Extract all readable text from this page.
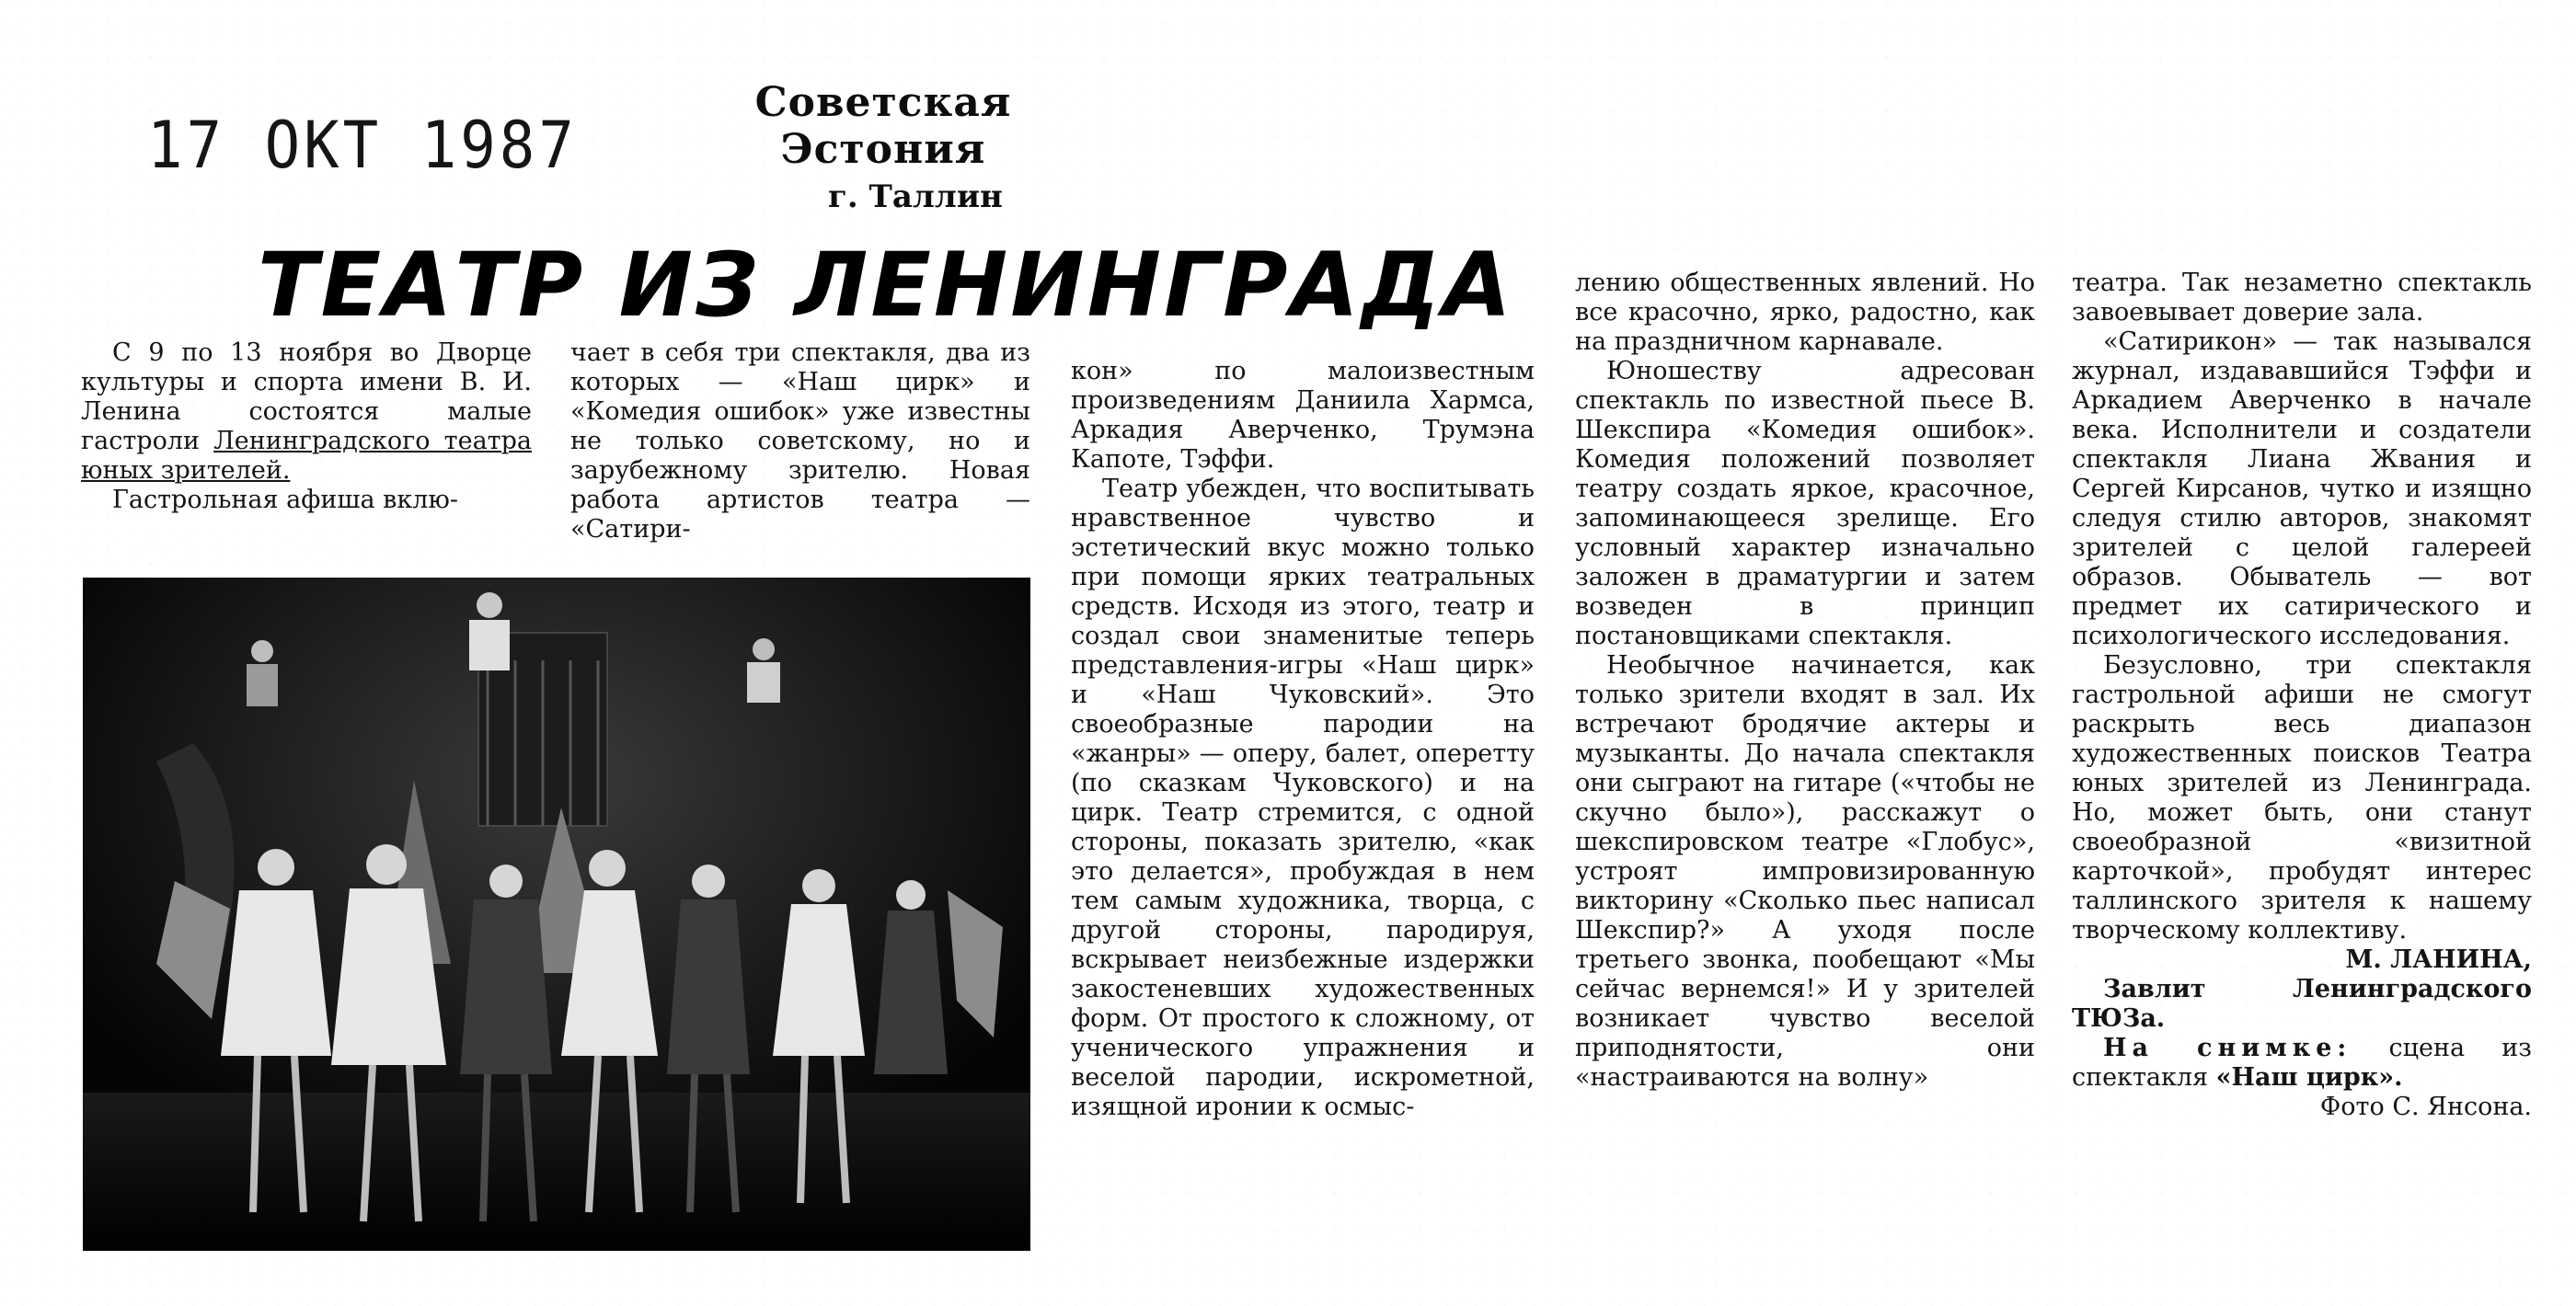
17 ОКТ 1987
Советская Эстония
г. Таллин
ТЕАТР ИЗ ЛЕНИНГРАДА

С 9 по 13 ноября во Дворце культуры и спорта имени В. И. Ленина состоятся малые гастроли Ленинградского театра юных зрителей.

Гастрольная афиша вклю-

чает в себя три спектакля, два из которых — «Наш цирк» и «Комедия ошибок» уже известны не только советскому, но и зарубежному зрителю. Новая работа артистов театра — «Сатири-

кон» по малоизвестным произведениям Даниила Хармса, Аркадия Аверченко, Трумэна Капоте, Тэффи.

Театр убежден, что воспитывать нравственное чувство и эстетический вкус можно только при помощи ярких театральных средств. Исходя из этого, театр и создал свои знаменитые теперь представления-игры «Наш цирк» и «Наш Чуковский». Это своеобразные пародии на «жанры» — оперу, балет, оперетту (по сказкам Чуковского) и на цирк. Театр стремится, с одной стороны, показать зрителю, «как это делается», пробуждая в нем тем самым художника, творца, с другой стороны, пародируя, вскрывает неизбежные издержки закостеневших художественных форм. От простого к сложному, от ученического упражнения и веселой пародии, искрометной, изящной иронии к осмыс-

лению общественных явлений. Но все красочно, ярко, радостно, как на праздничном карнавале.

Юношеству адресован спектакль по известной пьесе В. Шекспира «Комедия ошибок». Комедия положений позволяет театру создать яркое, красочное, запоминающееся зрелище. Его условный характер изначально заложен в драматургии и затем возведен в принцип постановщиками спектакля.

Необычное начинается, как только зрители входят в зал. Их встречают бродячие актеры и музыканты. До начала спектакля они сыграют на гитаре («чтобы не скучно было»), расскажут о шекспировском театре «Глобус», устроят импровизированную викторину «Сколько пьес написал Шекспир?» А уходя после третьего звонка, пообещают «Мы сейчас вернемся!» И у зрителей возникает чувство веселой приподнятости, они «настраиваются на волну»

театра. Так незаметно спектакль завоевывает доверие зала.

«Сатирикон» — так назывался журнал, издававшийся Тэффи и Аркадием Аверченко в начале века. Исполнители и создатели спектакля Лиана Жвания и Сергей Кирсанов, чутко и изящно следуя стилю авторов, знакомят зрителей с целой галереей образов. Обыватель — вот предмет их сатирического и психологического исследования.

Безусловно, три спектакля гастрольной афиши не смогут раскрыть весь диапазон художественных поисков Театра юных зрителей из Ленинграда. Но, может быть, они станут своеобразной «визитной карточкой», пробудят интерес таллинского зрителя к нашему творческому коллективу.

М. ЛАНИНА,

Завлит Ленинградского ТЮЗа.

На снимке: сцена из спектакля «Наш цирк».

Фото С. Янсона.
